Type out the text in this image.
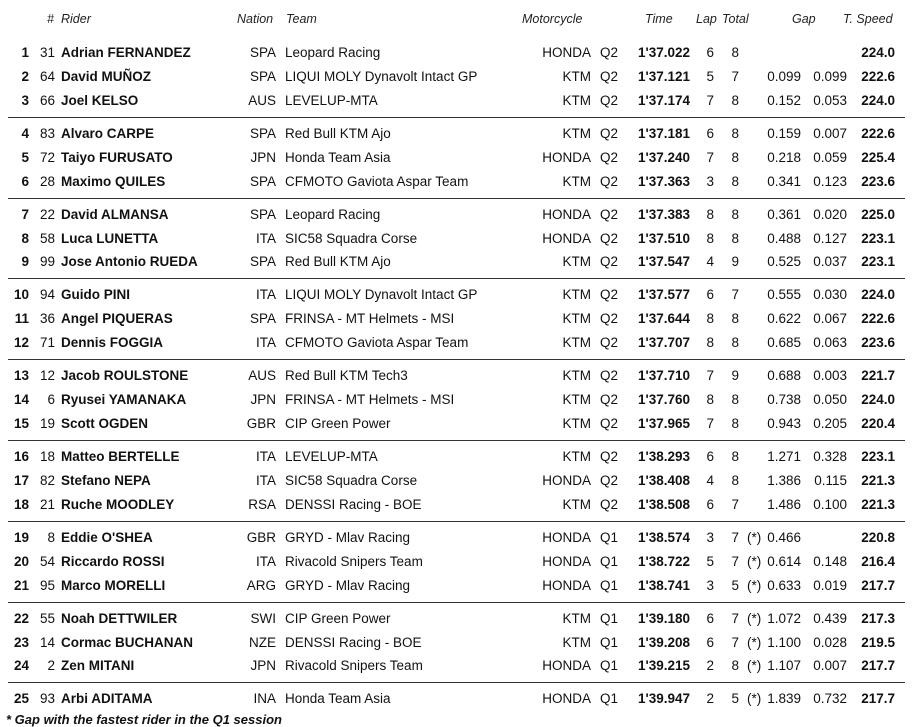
# Rider	Nation Team	Motorcycle	Time Lap Total	Gap T. Speed
1 31 Adrian FERNANDEZ	SPA Leopard Racing	HONDA Q2	1'37.022	6	8	224.0
2 64 David MUÑOZ	SPA LIQUI MOLY Dynavolt Intact GP	KTM Q2	1'37.121	5	7	0.099 0.099	222.6
3 66 Joel KELSO	AUS LEVELUP-MTA	KTM Q2	1'37.174	7	8	0.152 0.053	224.0
4 83 Alvaro CARPE	SPA Red Bull KTM Ajo	KTM Q2	1'37.181	6	8	0.159 0.007	222.6
5 72 Taiyo FURUSATO	JPN Honda Team Asia	HONDA Q2	1'37.240	7	8	0.218 0.059	225.4
6 28 Maximo QUILES	SPA CFMOTO Gaviota Aspar Team	KTM Q2	1'37.363	3	8	0.341 0.123	223.6
7 22 David ALMANSA	SPA Leopard Racing	HONDA Q2	1'37.383	8	8	0.361 0.020	225.0
8 58 Luca LUNETTA	ITA SIC58 Squadra Corse	HONDA Q2	1'37.510	8	8	0.488 0.127	223.1
9 99 Jose Antonio RUEDA	SPA Red Bull KTM Ajo	KTM Q2	1'37.547	4	9	0.525 0.037	223.1
10 94 Guido PINI	ITA LIQUI MOLY Dynavolt Intact GP	KTM Q2	1'37.577	6	7	0.555 0.030	224.0
11 36 Angel PIQUERAS	SPA FRINSA - MT Helmets - MSI	KTM Q2	1'37.644	8	8	0.622 0.067	222.6
12 71 Dennis FOGGIA	ITA CFMOTO Gaviota Aspar Team	KTM Q2	1'37.707	8	8	0.685 0.063	223.6
13 12 Jacob ROULSTONE	AUS Red Bull KTM Tech3	KTM Q2	1'37.710	7	9	0.688 0.003	221.7
14	6 Ryusei YAMANAKA	JPN FRINSA - MT Helmets - MSI	KTM Q2	1'37.760	8	8	0.738 0.050	224.0
15 19 Scott OGDEN	GBR CIP Green Power	KTM Q2	1'37.965	7	8	0.943 0.205	220.4
16 18 Matteo BERTELLE	ITA LEVELUP-MTA	KTM Q2	1'38.293	6	8	1.271 0.328	223.1
17 82 Stefano NEPA	ITA SIC58 Squadra Corse	HONDA Q2	1'38.408	4	8	1.386 0.115	221.3
18 21 Ruche MOODLEY	RSA DENSSI Racing - BOE	KTM Q2	1'38.508	6	7	1.486 0.100	221.3
19	8 Eddie O'SHEA	GBR GRYD - Mlav Racing	HONDA Q1	1'38.574	3	7 (*) 0.466	220.8
20 54 Riccardo ROSSI	ITA Rivacold Snipers Team	HONDA Q1	1'38.722	5	7 (*) 0.614 0.148	216.4
21 95 Marco MORELLI	ARG GRYD - Mlav Racing	HONDA Q1	1'38.741	3	5 (*) 0.633 0.019	217.7
22 55 Noah DETTWILER	SWI CIP Green Power	KTM Q1	1'39.180	6	7 (*) 1.072 0.439	217.3
23 14 Cormac BUCHANAN	NZE DENSSI Racing - BOE	KTM Q1	1'39.208	6	7 (*) 1.100 0.028	219.5
24	2 Zen MITANI	JPN Rivacold Snipers Team	HONDA Q1	1'39.215	2	8 (*) 1.107 0.007	217.7
25 93 Arbi ADITAMA	INA Honda Team Asia	HONDA Q1	1'39.947	2	5 (*) 1.839 0.732	217.7
* Gap with the fastest rider in the Q1 session
